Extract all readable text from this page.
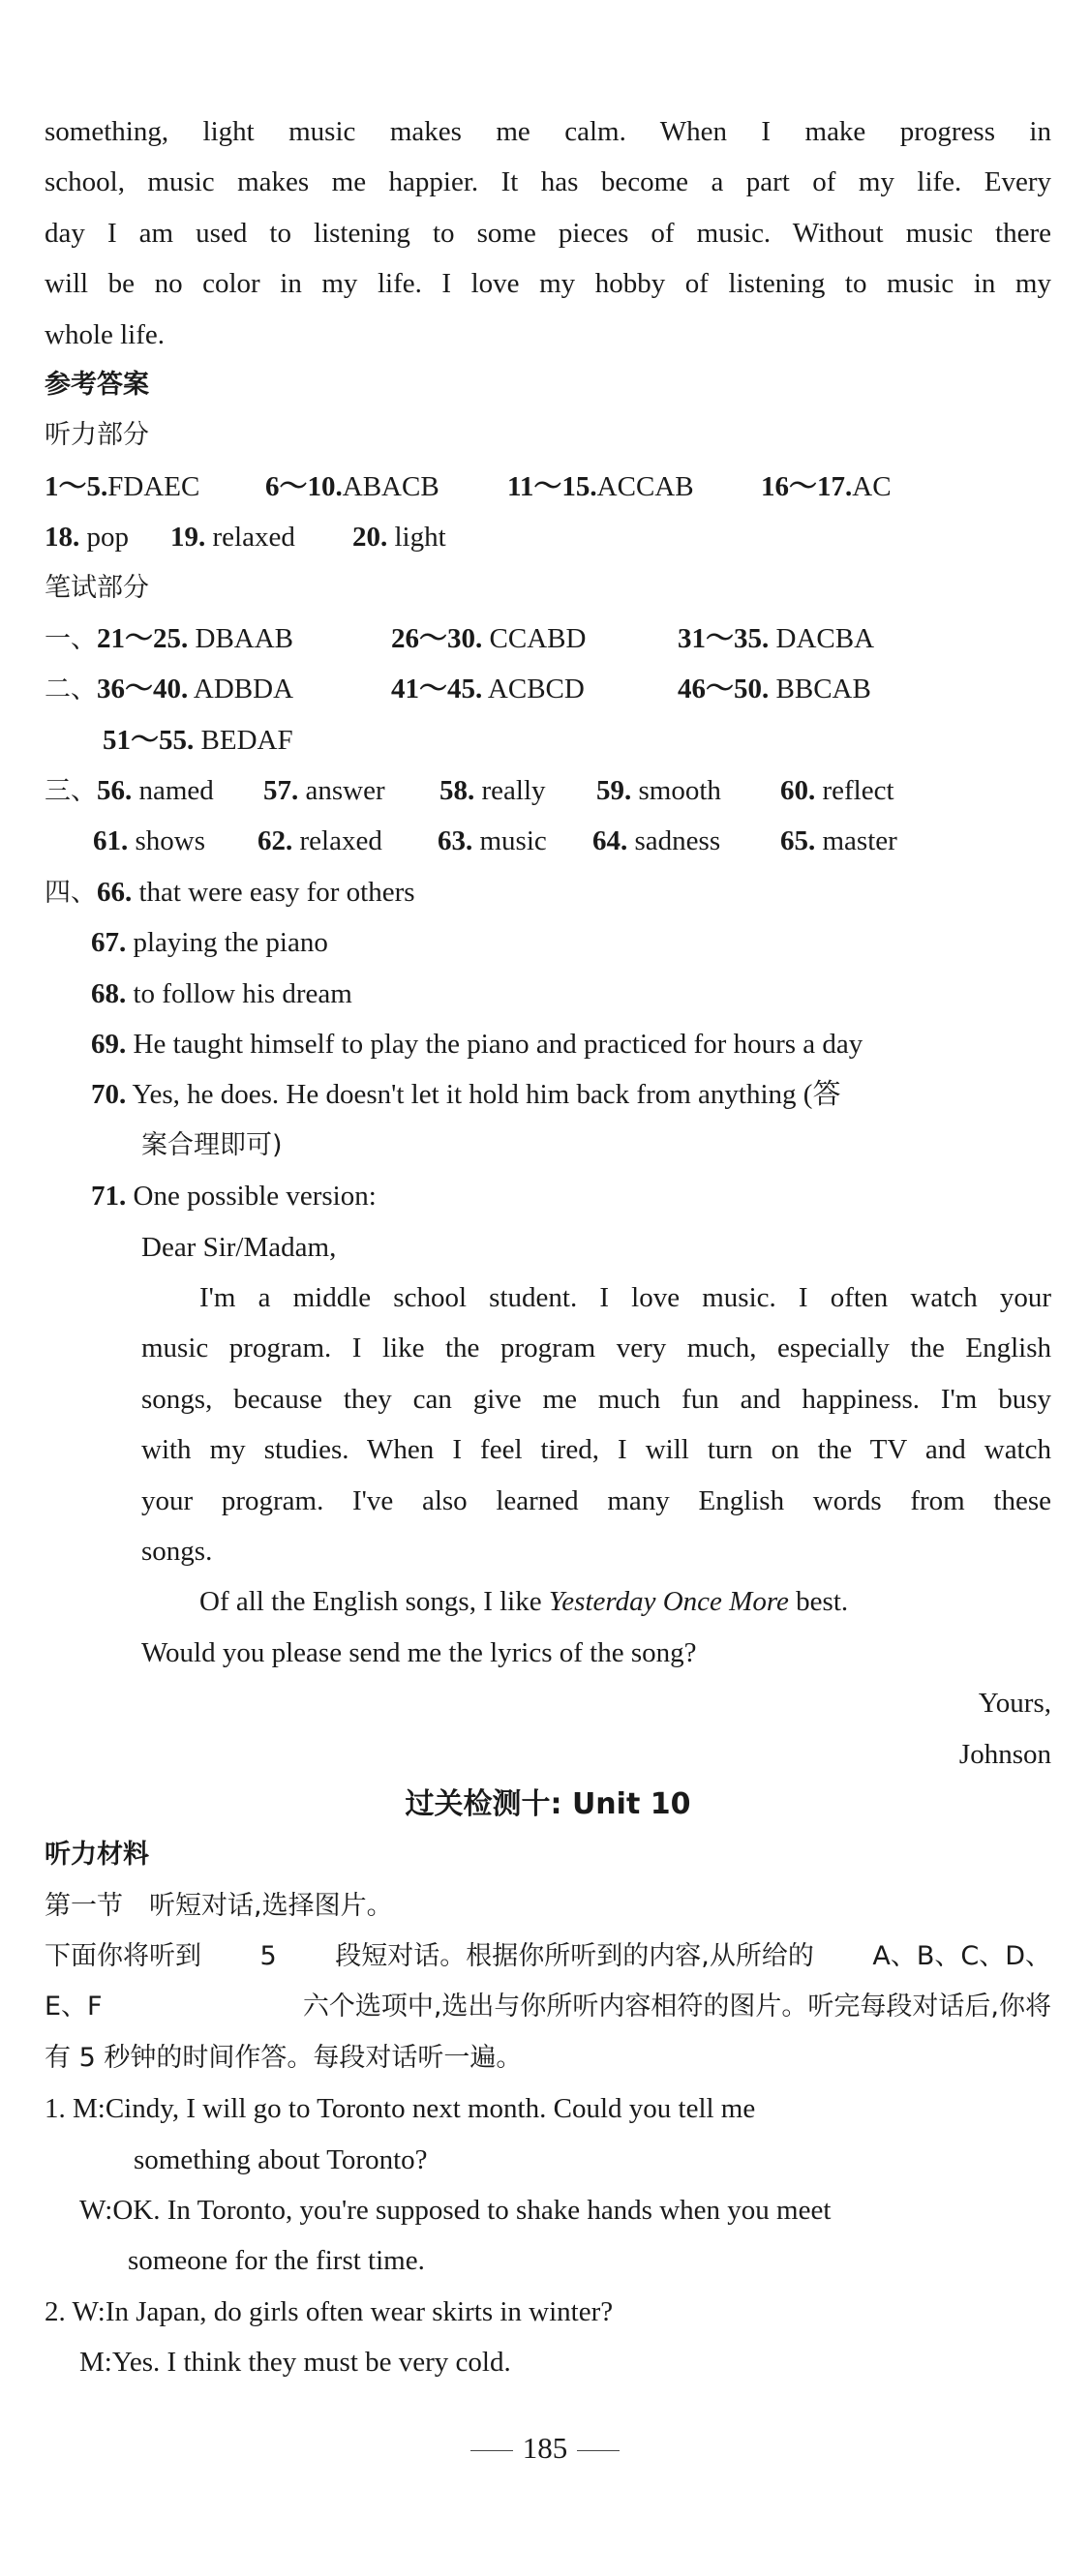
something, light music makes me calm. When I make progress in
school, music makes me happier. It has become a part of my life. Every
day I am used to listening to some pieces of music. Without music there
will be no color in my life. I love my hobby of listening to music in my
whole life.
参考答案
听力部分
1～5.FDAEC 6～10.ABACB 11～15.ACCAB 16～17.AC
18. pop 19. relaxed 20. light
笔试部分
一、21～25. DBAAB	26～30. CCABD	31～35. DACBA
二、36～40. ADBDA	41～45. ACBCD	46～50. BBCAB
51～55. BEDAF
三、56. named 57. answer 58. really 59. smooth 60. reflect
61. shows 62. relaxed 63. music 64. sadness 65. master
四、66. that were easy for others
67. playing the piano
68. to follow his dream
69. He taught himself to play the piano and practiced for hours a day
70. Yes, he does. He doesn't let it hold him back from anything (答
案合理即可)
71. One possible version:
Dear Sir/Madam,
I'm a middle school student. I love music. I often watch your
music program. I like the program very much, especially the English
songs, because they can give me much fun and happiness. I'm busy
with my studies. When I feel tired, I will turn on the TV and watch
your program. I've also learned many English words from these
songs.
Of all the English songs, I like Yesterday Once More best.
Would you please send me the lyrics of the song?
Yours,
Johnson
过关检测十: Unit 10
听力材料
第一节　听短对话,选择图片。
下面你将听到 5 段短对话。根据你所听到的内容,从所给的 A、B、C、D、
E、F 六个选项中,选出与你所听内容相符的图片。听完每段对话后,你将
有 5 秒钟的时间作答。每段对话听一遍。
1. M:Cindy, I will go to Toronto next month. Could you tell me
something about Toronto?
W:OK. In Toronto, you're supposed to shake hands when you meet
someone for the first time.
2. W:In Japan, do girls often wear skirts in winter?
M:Yes. I think they must be very cold.
185
